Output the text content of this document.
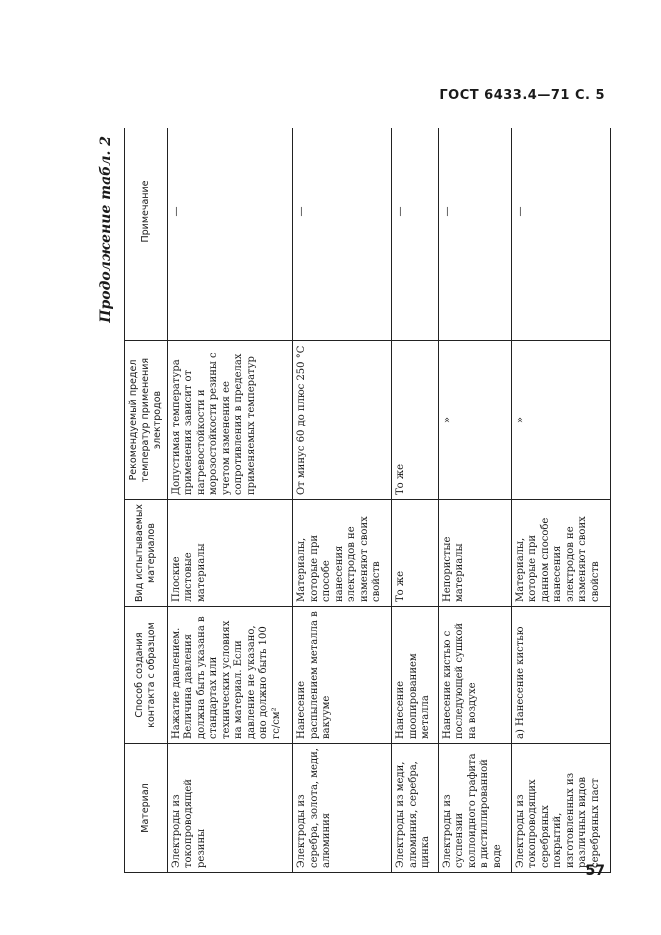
ГОСТ 6433.4—71 С. 5
Продолжение табл. 2
Материал	Способ создания контакта с образцом	Вид испытываемых материалов	Рекомендуемый предел температур применения электродов	Примечание
Электроды из токопроводящей резины	Нажатие давлением. Величина давления должна быть указана в стандартах или технических условиях на материал. Если давление не указано, оно должно быть 100 гс/см²	Плоские листовые материалы	Допустимая температура применения зависит от нагревостойкости и морозостойкости резины с учетом изменения ее сопротивления в пределах применяемых температур	—
Электроды из серебра, золота, меди, алюминия	Нанесение распылением металла в вакууме	Материалы, которые при способе нанесения электродов не изменяют своих свойств	От минус 60 до плюс 250 °С	—
Электроды из меди, алюминия, серебра, цинка	Нанесение шоопированием металла	То же	То же	—
Электроды из суспензии коллоидного графита в дистиллированной воде	Нанесение кистью с последующей сушкой на воздухе	Непористые материалы	»	—
Электроды из токопроводящих серебряных покрытий, изготовленных из различных видов серебряных паст	а) Нанесение кистью	Материалы, которые при данном способе нанесения электродов не изменяют своих свойств	»	—
57
